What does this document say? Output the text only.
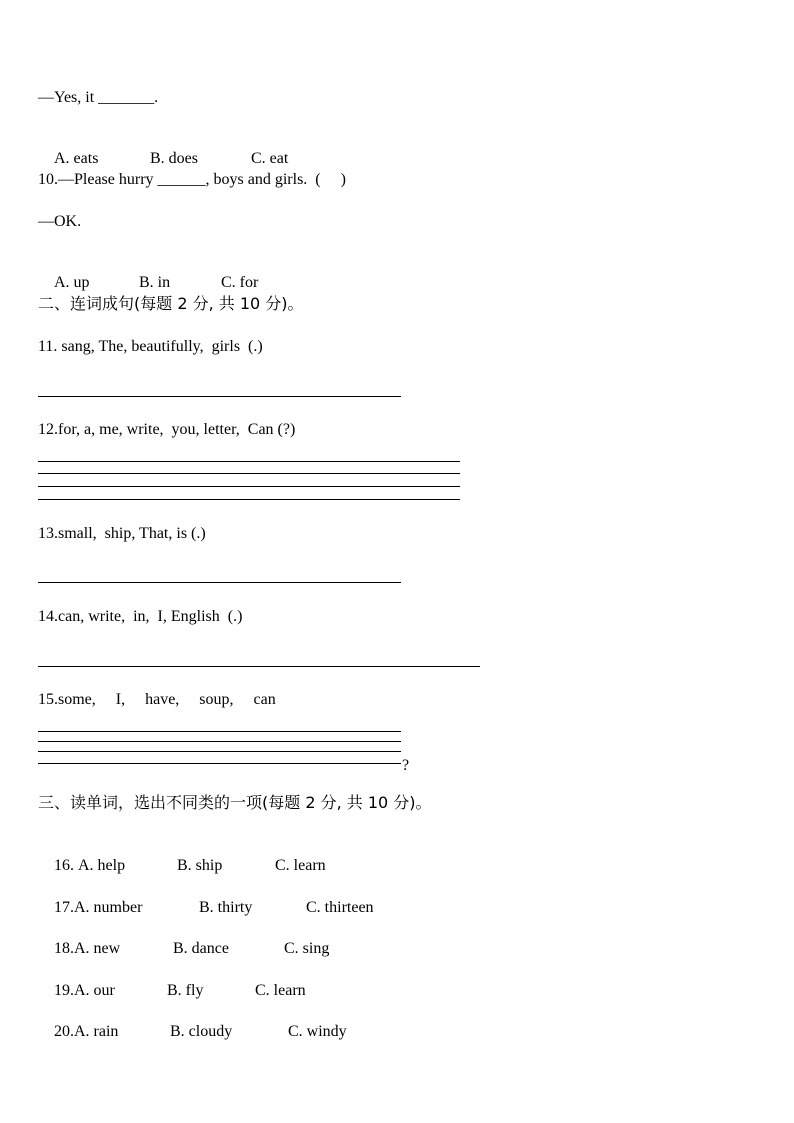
—Yes, it _______.

A. eats	B. does	C. eat

10.—Please hurry ______, boys and girls.  (     )
—OK.

A. up	B. in	C. for

二、连词成句(每题 2 分, 共 10 分)。
11. sang, The, beautifully,  girls  (.)
12.for, a, me, write,  you, letter,  Can (?)
13.small,  ship, That, is (.)
14.can, write,  in,  I, English  (.)
15.some,     I,     have,     soup,     can
?
三、读单词，选出不同类的一项(每题 2 分, 共 10 分)。

16. A. help	B. ship	C. learn

17.A. number	B. thirty	C. thirteen

18.A. new	B. dance	C. sing

19.A. our	B. fly	C. learn

20.A. rain	B. cloudy	C. windy
